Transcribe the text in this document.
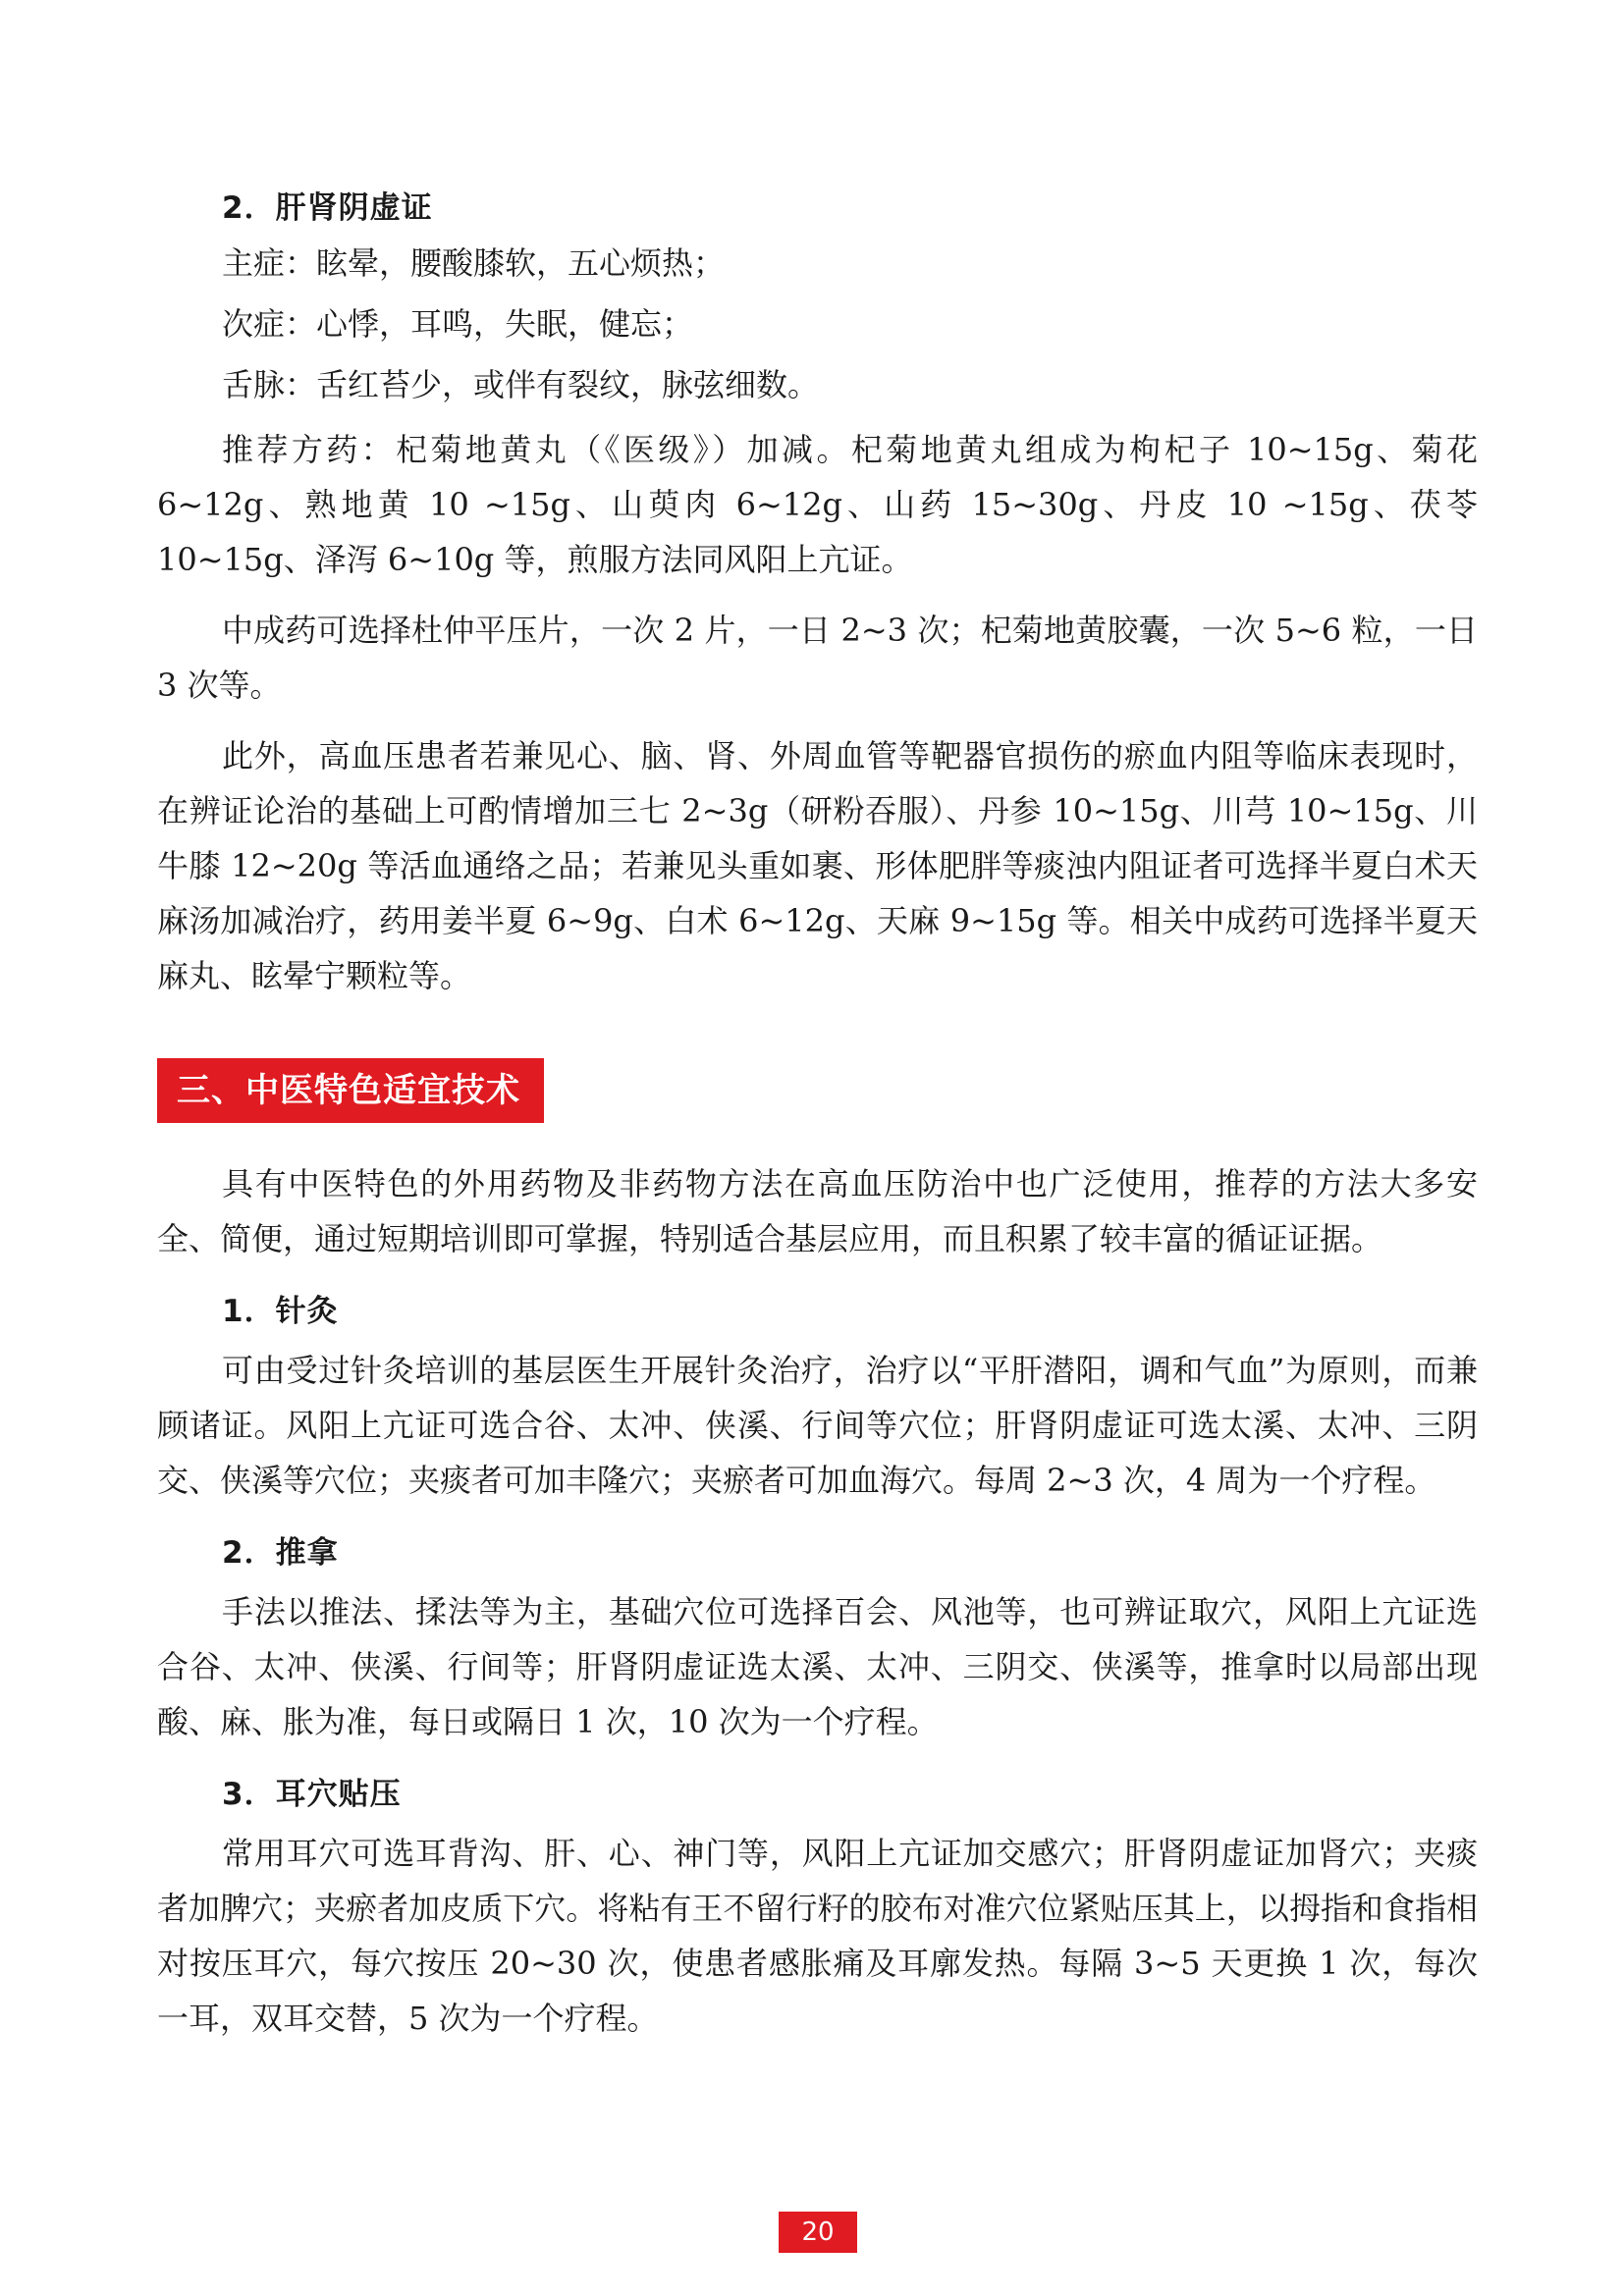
2．肝肾阴虚证
主症：眩晕，腰酸膝软，五心烦热；
次症：心悸，耳鸣，失眠，健忘；
舌脉：舌红苔少，或伴有裂纹，脉弦细数。

推荐方药：杞菊地黄丸（《医级》）加减。杞菊地黄丸组成为枸杞子 10~15g、菊花 6~12g、熟地黄 10 ~15g、山萸肉 6~12g、山药 15~30g、丹皮 10 ~15g、茯苓 10~15g、泽泻 6~10g 等，煎服方法同风阳上亢证。

中成药可选择杜仲平压片，一次 2 片，一日 2~3 次；杞菊地黄胶囊，一次 5~6 粒，一日 3 次等。

此外，高血压患者若兼见心、脑、肾、外周血管等靶器官损伤的瘀血内阻等临床表现时，在辨证论治的基础上可酌情增加三七 2~3g（研粉吞服）、丹参 10~15g、川芎 10~15g、川牛膝 12~20g 等活血通络之品；若兼见头重如裹、形体肥胖等痰浊内阻证者可选择半夏白术天麻汤加减治疗，药用姜半夏 6~9g、白术 6~12g、天麻 9~15g 等。相关中成药可选择半夏天麻丸、眩晕宁颗粒等。

三、中医特色适宜技术

具有中医特色的外用药物及非药物方法在高血压防治中也广泛使用，推荐的方法大多安全、简便，通过短期培训即可掌握，特别适合基层应用，而且积累了较丰富的循证证据。

1．针灸

可由受过针灸培训的基层医生开展针灸治疗，治疗以“平肝潜阳，调和气血”为原则，而兼顾诸证。风阳上亢证可选合谷、太冲、侠溪、行间等穴位；肝肾阴虚证可选太溪、太冲、三阴交、侠溪等穴位；夹痰者可加丰隆穴；夹瘀者可加血海穴。每周 2~3 次，4 周为一个疗程。

2．推拿

手法以推法、揉法等为主，基础穴位可选择百会、风池等，也可辨证取穴，风阳上亢证选合谷、太冲、侠溪、行间等；肝肾阴虚证选太溪、太冲、三阴交、侠溪等，推拿时以局部出现酸、麻、胀为准，每日或隔日 1 次，10 次为一个疗程。

3．耳穴贴压

常用耳穴可选耳背沟、肝、心、神门等，风阳上亢证加交感穴；肝肾阴虚证加肾穴；夹痰者加脾穴；夹瘀者加皮质下穴。将粘有王不留行籽的胶布对准穴位紧贴压其上，以拇指和食指相对按压耳穴，每穴按压 20~30 次，使患者感胀痛及耳廓发热。每隔 3~5 天更换 1 次，每次一耳，双耳交替，5 次为一个疗程。

20
